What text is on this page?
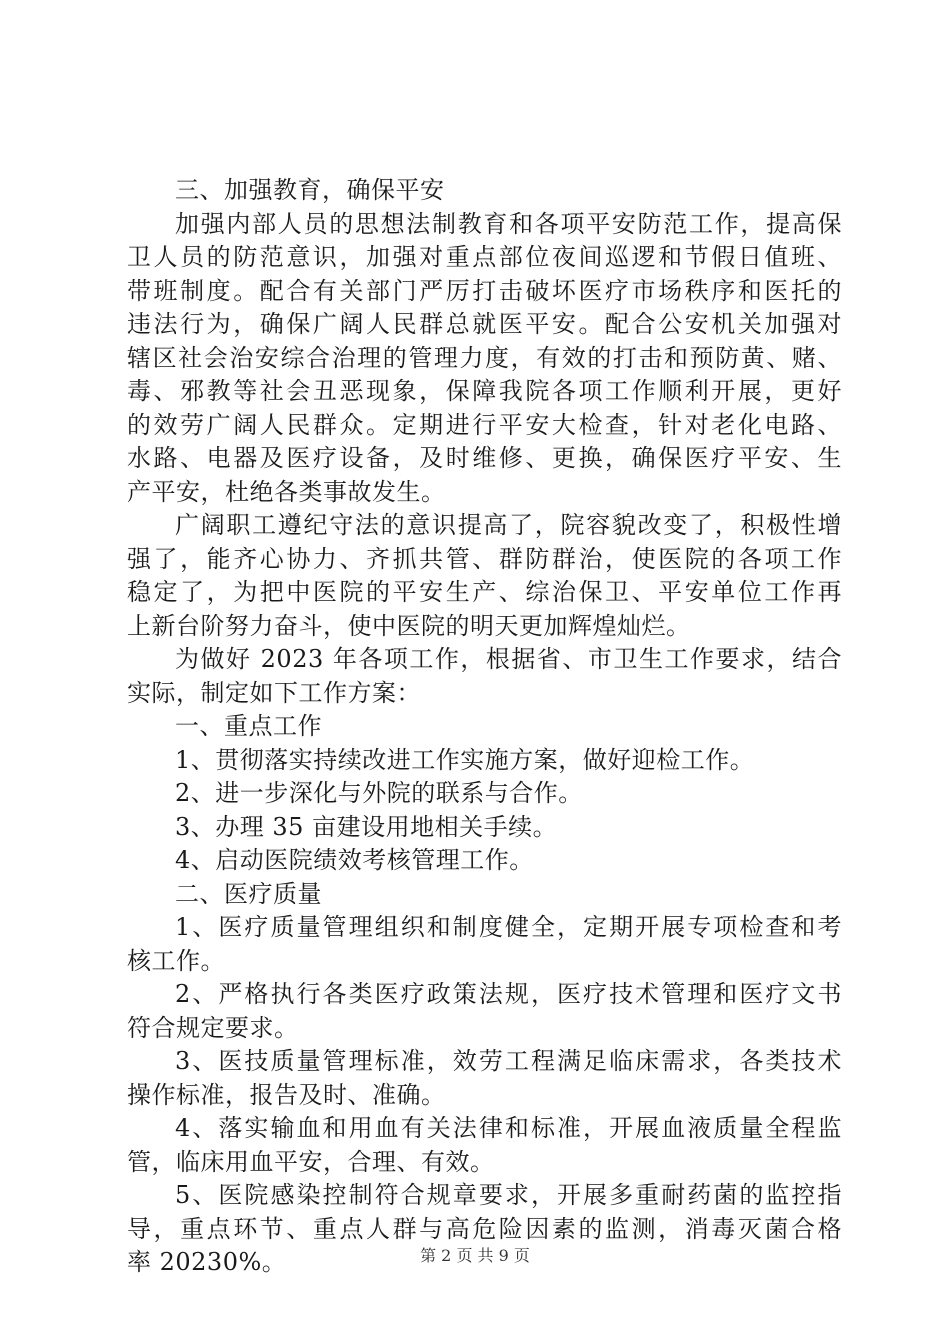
三、加强教育，确保平安
加强内部人员的思想法制教育和各项平安防范工作，提高保
卫人员的防范意识，加强对重点部位夜间巡逻和节假日值班、
带班制度。配合有关部门严厉打击破坏医疗市场秩序和医托的
违法行为，确保广阔人民群总就医平安。配合公安机关加强对
辖区社会治安综合治理的管理力度，有效的打击和预防黄、赌、
毒、邪教等社会丑恶现象，保障我院各项工作顺利开展，更好
的效劳广阔人民群众。定期进行平安大检查，针对老化电路、
水路、电器及医疗设备，及时维修、更换，确保医疗平安、生
产平安，杜绝各类事故发生。
广阔职工遵纪守法的意识提高了，院容貌改变了，积极性增
强了，能齐心协力、齐抓共管、群防群治，使医院的各项工作
稳定了，为把中医院的平安生产、综治保卫、平安单位工作再
上新台阶努力奋斗，使中医院的明天更加辉煌灿烂。
为做好 2023 年各项工作，根据省、市卫生工作要求，结合
实际，制定如下工作方案：
一、重点工作
1、贯彻落实持续改进工作实施方案，做好迎检工作。
2、进一步深化与外院的联系与合作。
3、办理 35 亩建设用地相关手续。
4、启动医院绩效考核管理工作。
二、医疗质量
1、医疗质量管理组织和制度健全，定期开展专项检查和考
核工作。
2、严格执行各类医疗政策法规，医疗技术管理和医疗文书
符合规定要求。
3、医技质量管理标准，效劳工程满足临床需求，各类技术
操作标准，报告及时、准确。
4、落实输血和用血有关法律和标准，开展血液质量全程监
管，临床用血平安，合理、有效。
5、医院感染控制符合规章要求，开展多重耐药菌的监控指
导，重点环节、重点人群与高危险因素的监测，消毒灭菌合格
率 20230%。	第 2 页 共 9 页
